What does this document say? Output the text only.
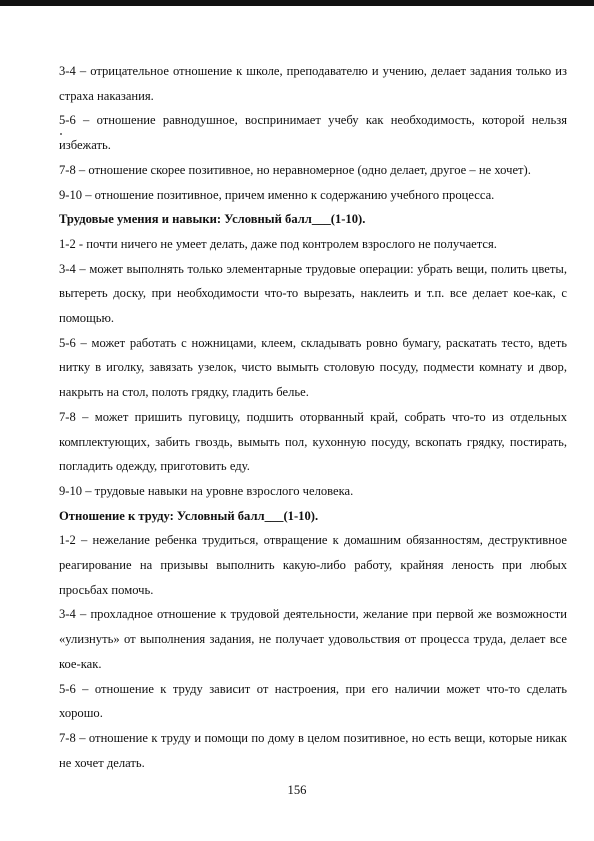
3-4 – отрицательное отношение к школе, преподавателю и учению, делает задания только из страха наказания.

5-6 – отношение равнодушное, воспринимает учебу как необходимость, которой нельзя избежать.

7-8 – отношение скорее позитивное, но неравномерное (одно делает, другое – не хочет).

9-10 – отношение позитивное, причем именно к содержанию учебного процесса.

Трудовые умения и навыки: Условный балл___(1-10).

1-2 - почти ничего не умеет делать, даже под контролем взрослого не получается.

3-4 – может выполнять только элементарные трудовые операции: убрать вещи, полить цветы, вытереть доску, при необходимости что-то вырезать, наклеить и т.п. все делает кое-как, с помощью.

5-6 – может работать с ножницами, клеем, складывать ровно бумагу, раскатать тесто, вдеть нитку в иголку, завязать узелок, чисто вымыть столовую посуду, подмести комнату и двор, накрыть на стол, полоть грядку, гладить белье.

7-8 – может пришить пуговицу, подшить оторванный край, собрать что-то из отдельных комплектующих, забить гвоздь, вымыть пол, кухонную посуду, вскопать грядку, постирать, погладить одежду, приготовить еду.

9-10 – трудовые навыки на уровне взрослого человека.

Отношение к труду: Условный балл___(1-10).

1-2 – нежелание ребенка трудиться, отвращение к домашним обязанностям, деструктивное реагирование на призывы выполнить какую-либо работу, крайняя леность при любых просьбах помочь.

3-4 – прохладное отношение к трудовой деятельности, желание при первой же возможности «улизнуть» от выполнения задания, не получает удовольствия от процесса труда, делает все кое-как.

5-6 – отношение к труду зависит от настроения, при его наличии может что-то сделать хорошо.

7-8 – отношение к труду и помощи по дому в целом позитивное, но есть вещи, которые никак не хочет делать.

156
